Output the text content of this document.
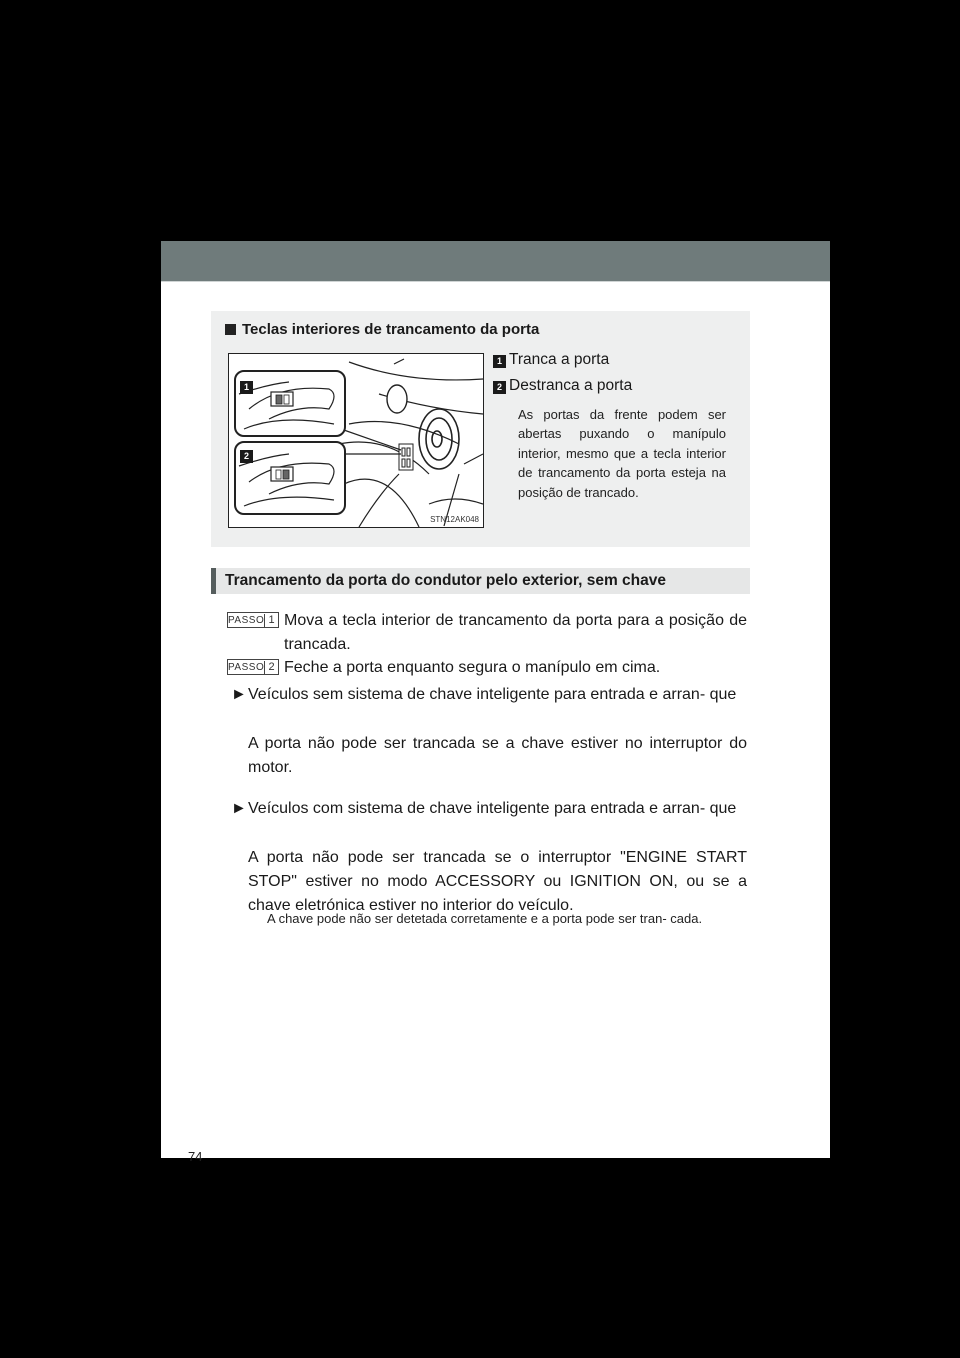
Teclas interiores de trancamento da porta
1
2
STN12AK048
1 Tranca a porta
2 Destranca a porta
As portas da frente podem ser abertas puxando o manípulo interior, mesmo que a tecla interior de trancamento da porta esteja na posição de trancado.
Trancamento da porta do condutor pelo exterior, sem chave
PASSO 1 Mova a tecla interior de trancamento da porta para a posição de trancada.
PASSO 2 Feche a porta enquanto segura o manípulo em cima.
► Veículos sem sistema de chave inteligente para entrada e arran- que
A porta não pode ser trancada se a chave estiver no interruptor do motor.
► Veículos com sistema de chave inteligente para entrada e arran- que
A porta não pode ser trancada se o interruptor "ENGINE START STOP" estiver no modo ACCESSORY ou IGNITION ON, ou se a chave eletrónica estiver no interior do veículo.
A chave pode não ser detetada corretamente e a porta pode ser tran- cada.
74
